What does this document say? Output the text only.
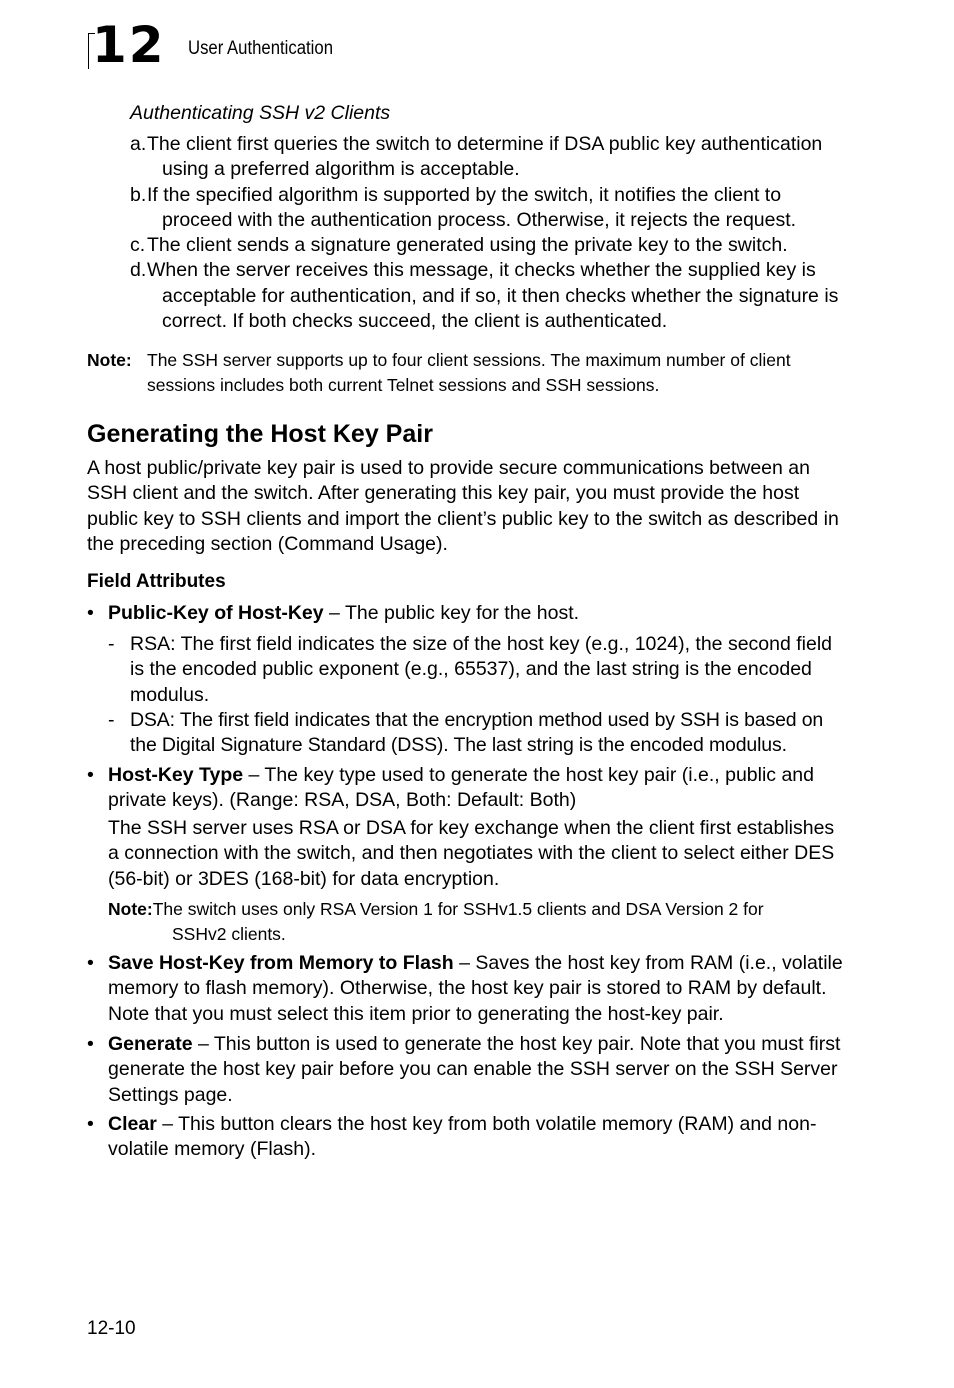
12 User Authentication
Authenticating SSH v2 Clients
a. The client first queries the switch to determine if DSA public key authentication using a preferred algorithm is acceptable.
b. If the specified algorithm is supported by the switch, it notifies the client to proceed with the authentication process. Otherwise, it rejects the request.
c. The client sends a signature generated using the private key to the switch.
d. When the server receives this message, it checks whether the supplied key is acceptable for authentication, and if so, it then checks whether the signature is correct. If both checks succeed, the client is authenticated.
Note: The SSH server supports up to four client sessions. The maximum number of client sessions includes both current Telnet sessions and SSH sessions.
Generating the Host Key Pair
A host public/private key pair is used to provide secure communications between an SSH client and the switch. After generating this key pair, you must provide the host public key to SSH clients and import the client’s public key to the switch as described in the preceding section (Command Usage).
Field Attributes
• Public-Key of Host-Key – The public key for the host.
- RSA: The first field indicates the size of the host key (e.g., 1024), the second field is the encoded public exponent (e.g., 65537), and the last string is the encoded modulus.
- DSA: The first field indicates that the encryption method used by SSH is based on the Digital Signature Standard (DSS). The last string is the encoded modulus.
• Host-Key Type – The key type used to generate the host key pair (i.e., public and private keys). (Range: RSA, DSA, Both: Default: Both)
The SSH server uses RSA or DSA for key exchange when the client first establishes a connection with the switch, and then negotiates with the client to select either DES (56-bit) or 3DES (168-bit) for data encryption.
Note:The switch uses only RSA Version 1 for SSHv1.5 clients and DSA Version 2 for
SSHv2 clients.
• Save Host-Key from Memory to Flash – Saves the host key from RAM (i.e., volatile memory to flash memory). Otherwise, the host key pair is stored to RAM by default. Note that you must select this item prior to generating the host-key pair.
• Generate – This button is used to generate the host key pair. Note that you must first generate the host key pair before you can enable the SSH server on the SSH Server Settings page.
• Clear – This button clears the host key from both volatile memory (RAM) and non-volatile memory (Flash).
12-10
